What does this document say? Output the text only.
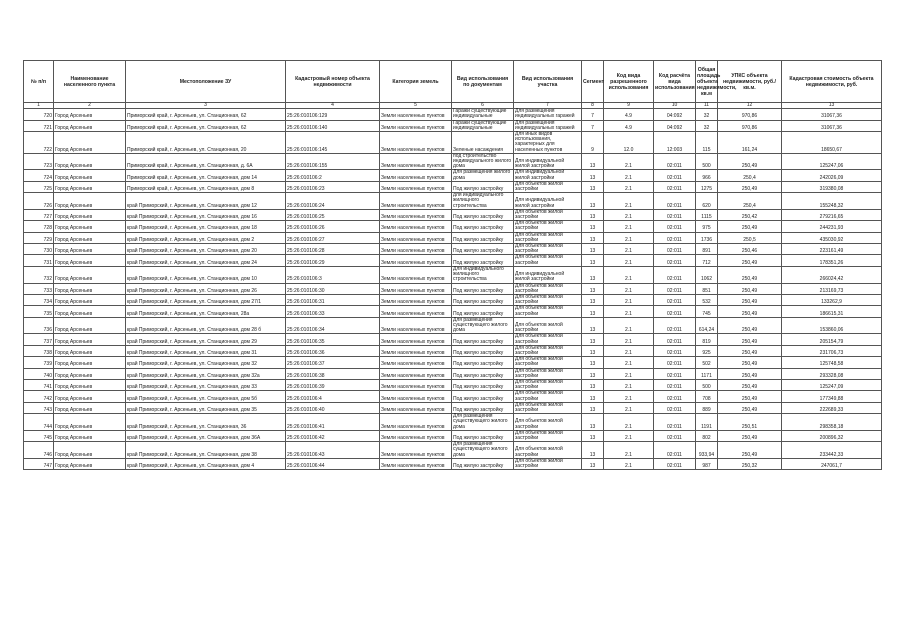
№ п/п	Наименование населенного пункта	Местоположение ЗУ	Кадастровый номер объекта недвижимости	Категория земель	Вид использования по документам	Вид использования участка	Сегмент	Код вида разрешенного использования	Код расчёта вида использования	Общая площадь объекта недвижимости, кв.м	УПКС объекта недвижимости, руб./кв.м.	Кадастровая стоимость объекта недвижимости, руб.
1	2	3	4	5	6	7	8	9	10	11	12	13
720	Город Арсеньев	Приморский край, г. Арсеньев, ул. Станционная, 62	25:26:010106:129	Земли населенных пунктов	Гаражи существующие индивидуальные	Для размещения индивидуальных гаражей	7	4.9	04:092	32	970,86	31067,36
721	Город Арсеньев	Приморский край, г. Арсеньев, ул. Станционная, 62	25:26:010106:140	Земли населенных пунктов	Гаражи существующие индивидуальные	Для размещения индивидуальных гаражей	7	4.9	04:092	32	970,86	31067,36
722	Город Арсеньев	Приморский край, г. Арсеньев, ул. Станционная, 20	25:26:010106:145	Земли населенных пунктов	Зеленые насаждения	Для иных видов использования, характерных для населенных пунктов	9	12.0	12:003	115	161,24	18650,67
723	Город Арсеньев	Приморский край, г. Арсеньев, ул. Станционная, д. 6А	25:26:010106:155	Земли населенных пунктов	под строительство индивидуального жилого дома	Для индивидуальной жилой застройки	13	2.1	02:011	500	250,49	125247,06
724	Город Арсеньев	Приморский край, г. Арсеньев, ул. Станционная, дом 14	25:26:010106:2	Земли населенных пунктов	Для размещения жилого дома	Для индивидуальной жилой застройки	13	2.1	02:011	966	250,4	242026,09
725	Город Арсеньев	Приморский край, г. Арсеньев, ул. Станционная, дом 8	25:26:010106:23	Земли населенных пунктов	Под жилую застройку	Для объектов жилой застройки	13	2.1	02:011	1275	250,49	319380,08
726	Город Арсеньев	край Приморский, г. Арсеньев, ул. Станционная, дом 12	25:26:010106:24	Земли населенных пунктов	для индивидуального жилищного строительства	Для индивидуальной жилой застройки	13	2.1	02:011	620	250,4	155248,32
727	Город Арсеньев	край Приморский, г. Арсеньев, ул. Станционная, дом 16	25:26:010106:25	Земли населенных пунктов	Под жилую застройку	Для объектов жилой застройки	13	2.1	02:011	1115	250,42	279216,65
728	Город Арсеньев	край Приморский, г. Арсеньев, ул. Станционная, дом 18	25:26:010106:26	Земли населенных пунктов	Под жилую застройку	Для объектов жилой застройки	13	2.1	02:011	975	250,49	244231,93
729	Город Арсеньев	край Приморский, г. Арсеньев, ул. Станционная, дом 2	25:26:010106:27	Земли населенных пунктов	Под жилую застройку	Для объектов жилой застройки	13	2.1	02:011	1736	250,5	435030,92
730	Город Арсеньев	край Приморский, г. Арсеньев, ул. Станционная, дом 20	25:26:010106:28	Земли населенных пунктов	Под жилую застройку	Для объектов жилой застройки	13	2.1	02:011	891	250,46	223161,49
731	Город Арсеньев	край Приморский, г. Арсеньев, ул. Станционная, дом 24	25:26:010106:29	Земли населенных пунктов	Под жилую застройку	Для объектов жилой застройки	13	2.1	02:011	712	250,49	178351,26
732	Город Арсеньев	край Приморский, г. Арсеньев, ул. Станционная, дом 10	25:26:010106:3	Земли населенных пунктов	Для индивидуального жилищного строительства	Для индивидуальной жилой застройки	13	2.1	02:011	1062	250,49	266024,42
733	Город Арсеньев	край Приморский, г. Арсеньев, ул. Станционная, дом 26	25:26:010106:30	Земли населенных пунктов	Под жилую застройку	Для объектов жилой застройки	13	2.1	02:011	851	250,49	213169,73
734	Город Арсеньев	край Приморский, г. Арсеньев, ул. Станционная, дом 27/1	25:26:010106:31	Земли населенных пунктов	Под жилую застройку	Для объектов жилой застройки	13	2.1	02:011	532	250,49	133262,9
735	Город Арсеньев	край Приморский, г. Арсеньев, ул. Станционная, 28а	25:26:010106:33	Земли населенных пунктов	Под жилую застройку	Для объектов жилой застройки	13	2.1	02:011	745	250,49	186615,31
736	Город Арсеньев	край Приморский, г. Арсеньев, ул. Станционная, дом 28 б	25:26:010106:34	Земли населенных пунктов	Для размещения существующего жилого дома	Для объектов жилой застройки	13	2.1	02:011	614,24	250,49	153860,06
737	Город Арсеньев	край Приморский, г. Арсеньев, ул. Станционная, дом 29	25:26:010106:35	Земли населенных пунктов	Под жилую застройку	Для объектов жилой застройки	13	2.1	02:011	819	250,49	205154,79
738	Город Арсеньев	край Приморский, г. Арсеньев, ул. Станционная, дом 31	25:26:010106:36	Земли населенных пунктов	Под жилую застройку	Для объектов жилой застройки	13	2.1	02:011	925	250,49	231706,73
739	Город Арсеньев	край Приморский, г. Арсеньев, ул. Станционная, дом 32	25:26:010106:37	Земли населенных пунктов	Под жилую застройку	Для объектов жилой застройки	13	2.1	02:011	502	250,49	125748,58
740	Город Арсеньев	край Приморский, г. Арсеньев, ул. Станционная, дом 32а	25:26:010106:38	Земли населенных пунктов	Под жилую застройку	Для объектов жилой застройки	13	2.1	02:011	1171	250,49	293328,08
741	Город Арсеньев	край Приморский, г. Арсеньев, ул. Станционная, дом 33	25:26:010106:39	Земли населенных пунктов	Под жилую застройку	Для объектов жилой застройки	13	2.1	02:011	500	250,49	125247,09
742	Город Арсеньев	край Приморский, г. Арсеньев, ул. Станционная, дом 5б	25:26:010106:4	Земли населенных пунктов	Под жилую застройку	Для объектов жилой застройки	13	2.1	02:011	708	250,49	177349,88
743	Город Арсеньев	край Приморский, г. Арсеньев, ул. Станционная, дом 35	25:26:010106:40	Земли населенных пунктов	Под жилую застройку	Для объектов жилой застройки	13	2.1	02:011	889	250,49	222689,33
744	Город Арсеньев	край Приморский, г. Арсеньев, ул. Станционная, 36	25:26:010106:41	Земли населенных пунктов	Для размещения существующего жилого дома	Для объектов жилой застройки	13	2.1	02:011	1191	250,51	298358,18
745	Город Арсеньев	край Приморский, г. Арсеньев, ул. Станционная, дом 36А	25:26:010106:42	Земли населенных пунктов	Под жилую застройку	Для объектов жилой застройки	13	2.1	02:011	802	250,49	200896,32
746	Город Арсеньев	край Приморский, г. Арсеньев, ул. Станционная, дом 38	25:26:010106:43	Земли населенных пунктов	Для размещения существующего жилого дома	Для объектов жилой застройки	13	2.1	02:011	933,94	250,49	233442,33
747	Город Арсеньев	край Приморский, г. Арсеньев, ул. Станционная, дом 4	25:26:010106:44	Земли населенных пунктов	Под жилую застройку	Для объектов жилой застройки	13	2.1	02:011	987	250,32	247061,7
